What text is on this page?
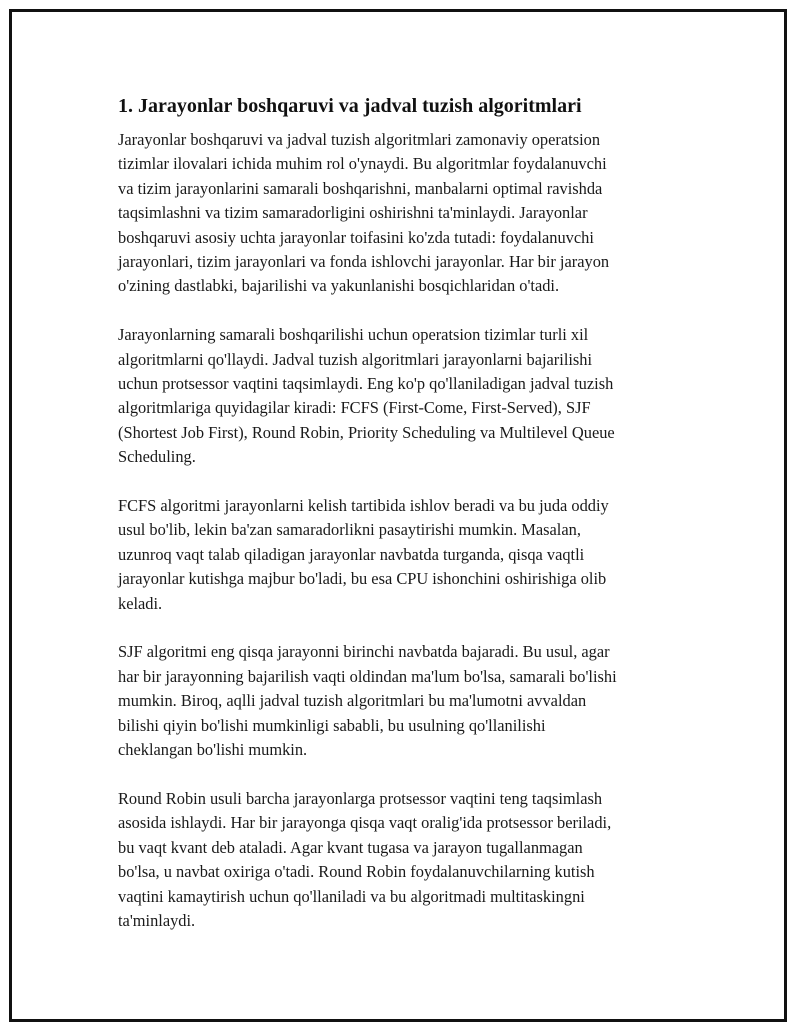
1. Jarayonlar boshqaruvi va jadval tuzish algoritmlari

Jarayonlar boshqaruvi va jadval tuzish algoritmlari zamonaviy operatsion
tizimlar ilovalari ichida muhim rol o'ynaydi. Bu algoritmlar foydalanuvchi
va tizim jarayonlarini samarali boshqarishni, manbalarni optimal ravishda
taqsimlashni va tizim samaradorligini oshirishni ta'minlaydi. Jarayonlar
boshqaruvi asosiy uchta jarayonlar toifasini ko'zda tutadi: foydalanuvchi
jarayonlari, tizim jarayonlari va fonda ishlovchi jarayonlar. Har bir jarayon
o'zining dastlabki, bajarilishi va yakunlanishi bosqichlaridan o'tadi.

Jarayonlarning samarali boshqarilishi uchun operatsion tizimlar turli xil
algoritmlarni qo'llaydi. Jadval tuzish algoritmlari jarayonlarni bajarilishi
uchun protsessor vaqtini taqsimlaydi. Eng ko'p qo'llaniladigan jadval tuzish
algoritmlariga quyidagilar kiradi: FCFS (First-Come, First-Served), SJF
(Shortest Job First), Round Robin, Priority Scheduling va Multilevel Queue
Scheduling.

FCFS algoritmi jarayonlarni kelish tartibida ishlov beradi va bu juda oddiy
usul bo'lib, lekin ba'zan samaradorlikni pasaytirishi mumkin. Masalan,
uzunroq vaqt talab qiladigan jarayonlar navbatda turganda, qisqa vaqtli
jarayonlar kutishga majbur bo'ladi, bu esa CPU ishonchini oshirishiga olib
keladi.

SJF algoritmi eng qisqa jarayonni birinchi navbatda bajaradi. Bu usul, agar
har bir jarayonning bajarilish vaqti oldindan ma'lum bo'lsa, samarali bo'lishi
mumkin. Biroq, aqlli jadval tuzish algoritmlari bu ma'lumotni avvaldan
bilishi qiyin bo'lishi mumkinligi sababli, bu usulning qo'llanilishi
cheklangan bo'lishi mumkin.

Round Robin usuli barcha jarayonlarga protsessor vaqtini teng taqsimlash
asosida ishlaydi. Har bir jarayonga qisqa vaqt oralig'ida protsessor beriladi,
bu vaqt kvant deb ataladi. Agar kvant tugasa va jarayon tugallanmagan
bo'lsa, u navbat oxiriga o'tadi. Round Robin foydalanuvchilarning kutish
vaqtini kamaytirish uchun qo'llaniladi va bu algoritmadi multitaskingni
ta'minlaydi.
